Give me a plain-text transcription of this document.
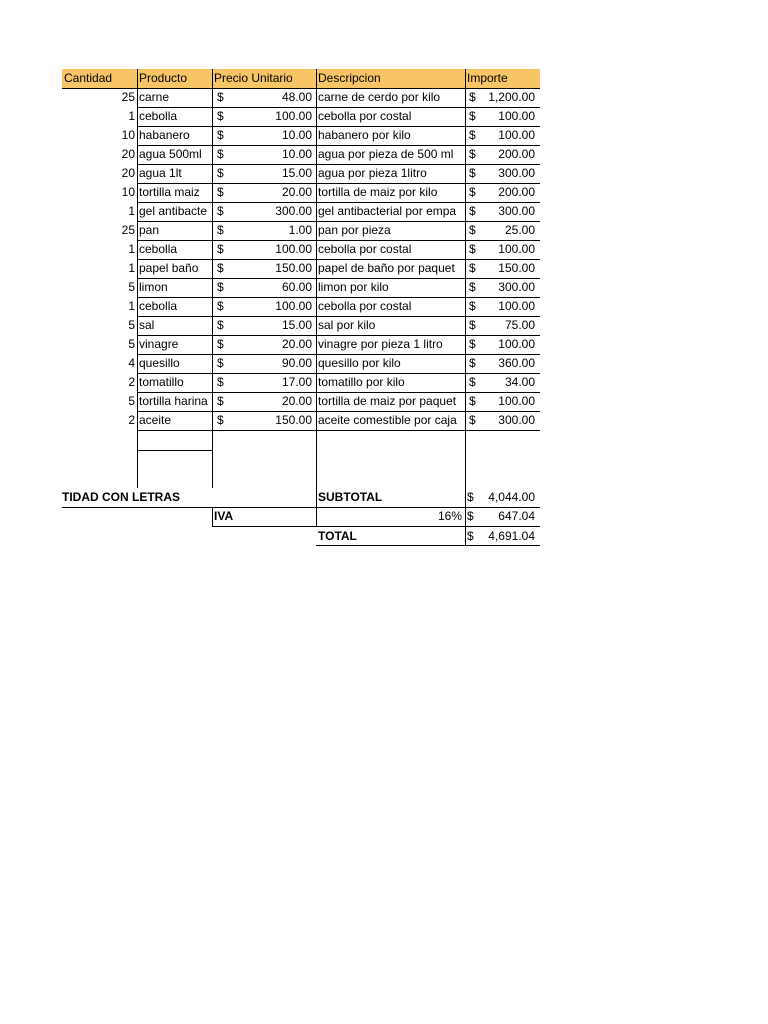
Cantidad	Producto	Precio Unitario	Descripcion	Importe
25 carne	$	48.00 carne de cerdo por kilo	$	1,200.00
1 cebolla	$	100.00 cebolla por costal	$	100.00
10 habanero	$	10.00 habanero por kilo	$	100.00
20 agua 500ml	$	10.00 agua por pieza de 500 ml	$	200.00
20 agua 1lt	$	15.00 agua por pieza 1litro	$	300.00
10 tortilla maiz	$	20.00 tortilla de maiz por kilo	$	200.00
1 gel antibacte $	300.00 gel antibacterial por empa	$	300.00
25 pan	$	1.00 pan por pieza	$	25.00
1 cebolla	$	100.00 cebolla por costal	$	100.00
1 papel baño	$	150.00 papel de baño por paquet	$	150.00
5 limon	$	60.00 limon por kilo	$	300.00
1 cebolla	$	100.00 cebolla por costal	$	100.00
5 sal	$	15.00 sal por kilo	$	75.00
5 vinagre	$	20.00 vinagre por pieza 1 litro	$	100.00
4 quesillo	$	90.00 quesillo por kilo	$	360.00
2 tomatillo	$	17.00 tomatillo por kilo	$	34.00
5 tortilla harina $	20.00 tortilla de maiz por paquet	$	100.00
2 aceite	$	150.00 aceite comestible por caja	$	300.00
TIDAD CON LETRAS	SUBTOTAL	$	4,044.00
IVA	16% $	647.04
TOTAL	$	4,691.04
